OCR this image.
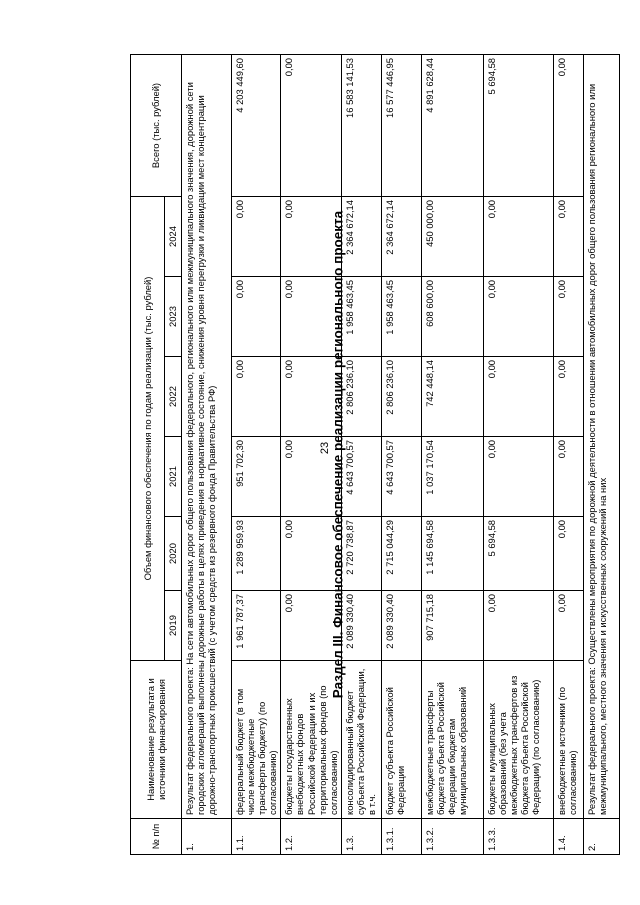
23 Раздел III. Финансовое обеспечение реализации регионального проекта
№ п/п	Наименование результата и источники финансирования	Объем финансового обеспечения по годам реализации (тыс. рублей)						Всего (тыс. рублей)
		2019	2020	2021	2022	2023	2024	
1.	Результат федерального проекта: На сети автомобильных дорог общего пользования федерального, регионального или межмуниципального значения, дорожной сети городских агломераций выполнены дорожные работы в целях приведения в нормативное состояние, снижения уровня перегрузки и ликвидации мест концентрации дорожно-транспортных происшествий (с учетом средств из резервного фонда Правительства РФ)							
1.1.	федеральный бюджет (в том числе межбюджетные трансферты бюджету) (по согласованию)	1 961 787,37	1 289 959,93	951 702,30	0,00	0,00	0,00	4 203 449,60
1.2.	бюджеты государственных внебюджетных фондов Российской Федерации и их территориальных фондов (по согласованию)	0,00	0,00	0,00	0,00	0,00	0,00	0,00
1.3.	консолидированный бюджет субъекта Российской Федерации, в т.ч.	2 089 330,40	2 720 738,87	4 643 700,57	2 806 236,10	1 958 463,45	2 364 672,14	16 583 141,53
1.3.1.	бюджет субъекта Российской Федерации	2 089 330,40	2 715 044,29	4 643 700,57	2 806 236,10	1 958 463,45	2 364 672,14	16 577 446,95
1.3.2.	межбюджетные трансферты бюджета субъекта Российской Федерации бюджетам муниципальных образований	907 715,18	1 145 694,58	1 037 170,54	742 448,14	608 600,00	450 000,00	4 891 628,44
1.3.3.	бюджеты муниципальных образований (без учета межбюджетных трансфертов из бюджета субъекта Российской Федерации) (по согласованию)	0,00	5 694,58	0,00	0,00	0,00	0,00	5 694,58
1.4.	внебюджетные источники (по согласованию)	0,00	0,00	0,00	0,00	0,00	0,00	0,00
2.	Результат федерального проекта: Осуществлены мероприятия по дорожной деятельности в отношении автомобильных дорог общего пользования регионального или межмуниципального, местного значения и искусственных сооружений на них							
